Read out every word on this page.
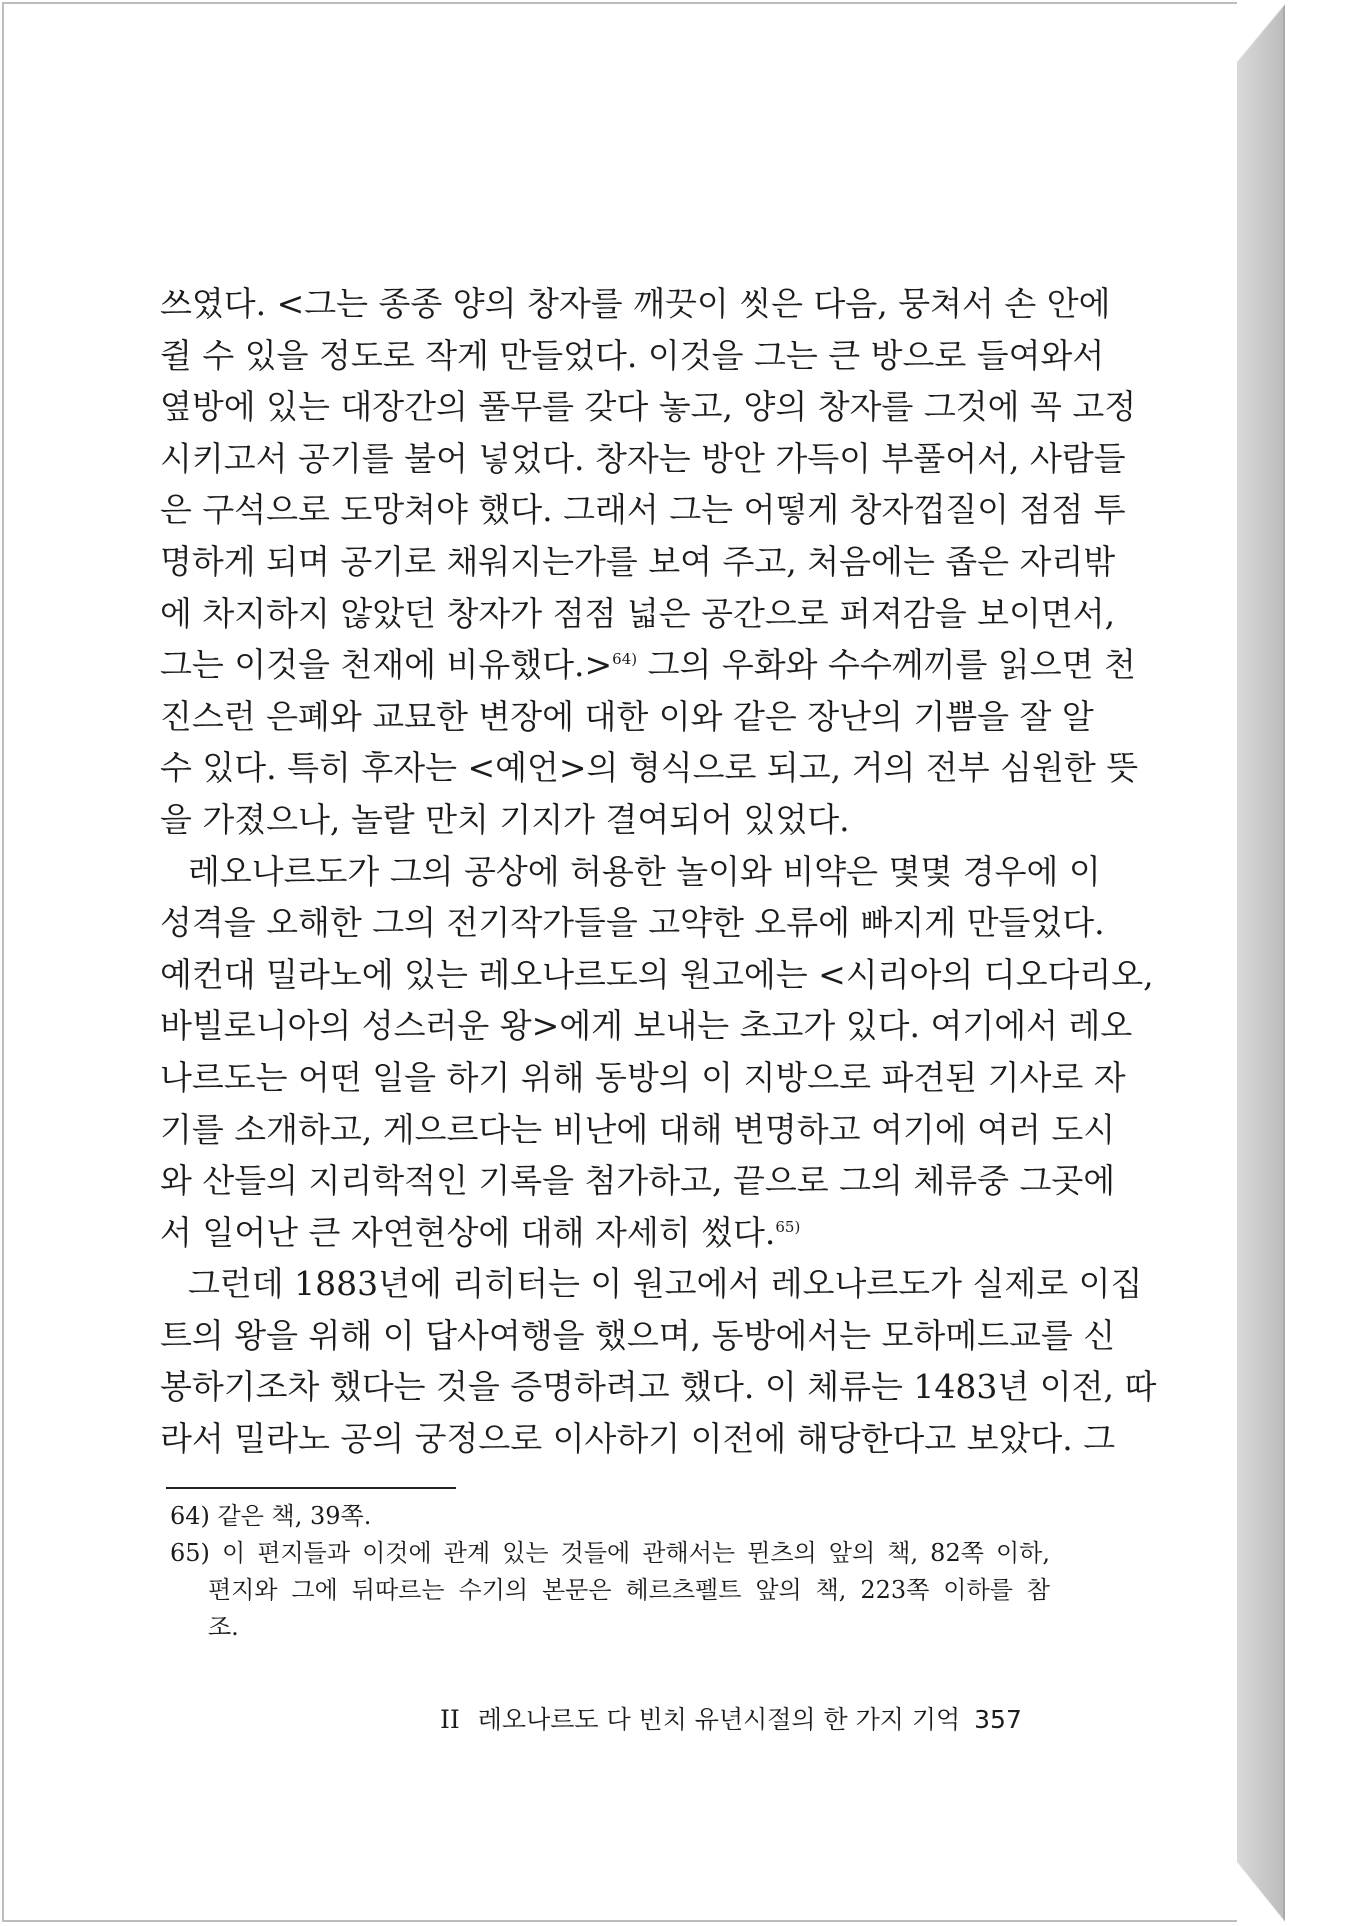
쓰였다. <그는 종종 양의 창자를 깨끗이 씻은 다음, 뭉쳐서 손 안에
쥘 수 있을 정도로 작게 만들었다. 이것을 그는 큰 방으로 들여와서
옆방에 있는 대장간의 풀무를 갖다 놓고, 양의 창자를 그것에 꼭 고정
시키고서 공기를 불어 넣었다. 창자는 방안 가득이 부풀어서, 사람들
은 구석으로 도망쳐야 했다. 그래서 그는 어떻게 창자껍질이 점점 투
명하게 되며 공기로 채워지는가를 보여 주고, 처음에는 좁은 자리밖
에 차지하지 않았던 창자가 점점 넓은 공간으로 퍼져감을 보이면서,
그는 이것을 천재에 비유했다.>$^{64)}$ 그의 우화와 수수께끼를 읽으면 천
진스런 은폐와 교묘한 변장에 대한 이와 같은 장난의 기쁨을 잘 알
수 있다. 특히 후자는 <예언>의 형식으로 되고, 거의 전부 심원한 뜻
을 가졌으나, 놀랄 만치 기지가 결여되어 있었다.
레오나르도가 그의 공상에 허용한 놀이와 비약은 몇몇 경우에 이
성격을 오해한 그의 전기작가들을 고약한 오류에 빠지게 만들었다.
예컨대 밀라노에 있는 레오나르도의 원고에는 <시리아의 디오다리오,
바빌로니아의 성스러운 왕>에게 보내는 초고가 있다. 여기에서 레오
나르도는 어떤 일을 하기 위해 동방의 이 지방으로 파견된 기사로 자
기를 소개하고, 게으르다는 비난에 대해 변명하고 여기에 여러 도시
와 산들의 지리학적인 기록을 첨가하고, 끝으로 그의 체류중 그곳에
서 일어난 큰 자연현상에 대해 자세히 썼다.$^{65)}$
그런데 1883년에 리히터는 이 원고에서 레오나르도가 실제로 이집
트의 왕을 위해 이 답사여행을 했으며, 동방에서는 모하메드교를 신
봉하기조차 했다는 것을 증명하려고 했다. 이 체류는 1483년 이전, 따
라서 밀라노 공의 궁정으로 이사하기 이전에 해당한다고 보았다. 그
64) 같은 책, 39쪽.
65) 이 편지들과 이것에 관계 있는 것들에 관해서는 뮌츠의 앞의 책, 82쪽 이하,
편지와 그에 뒤따르는 수기의 본문은 헤르츠펠트 앞의 책, 223쪽 이하를 참
조.
II 레오나르도 다 빈치 유년시절의 한 가지 기억 357
